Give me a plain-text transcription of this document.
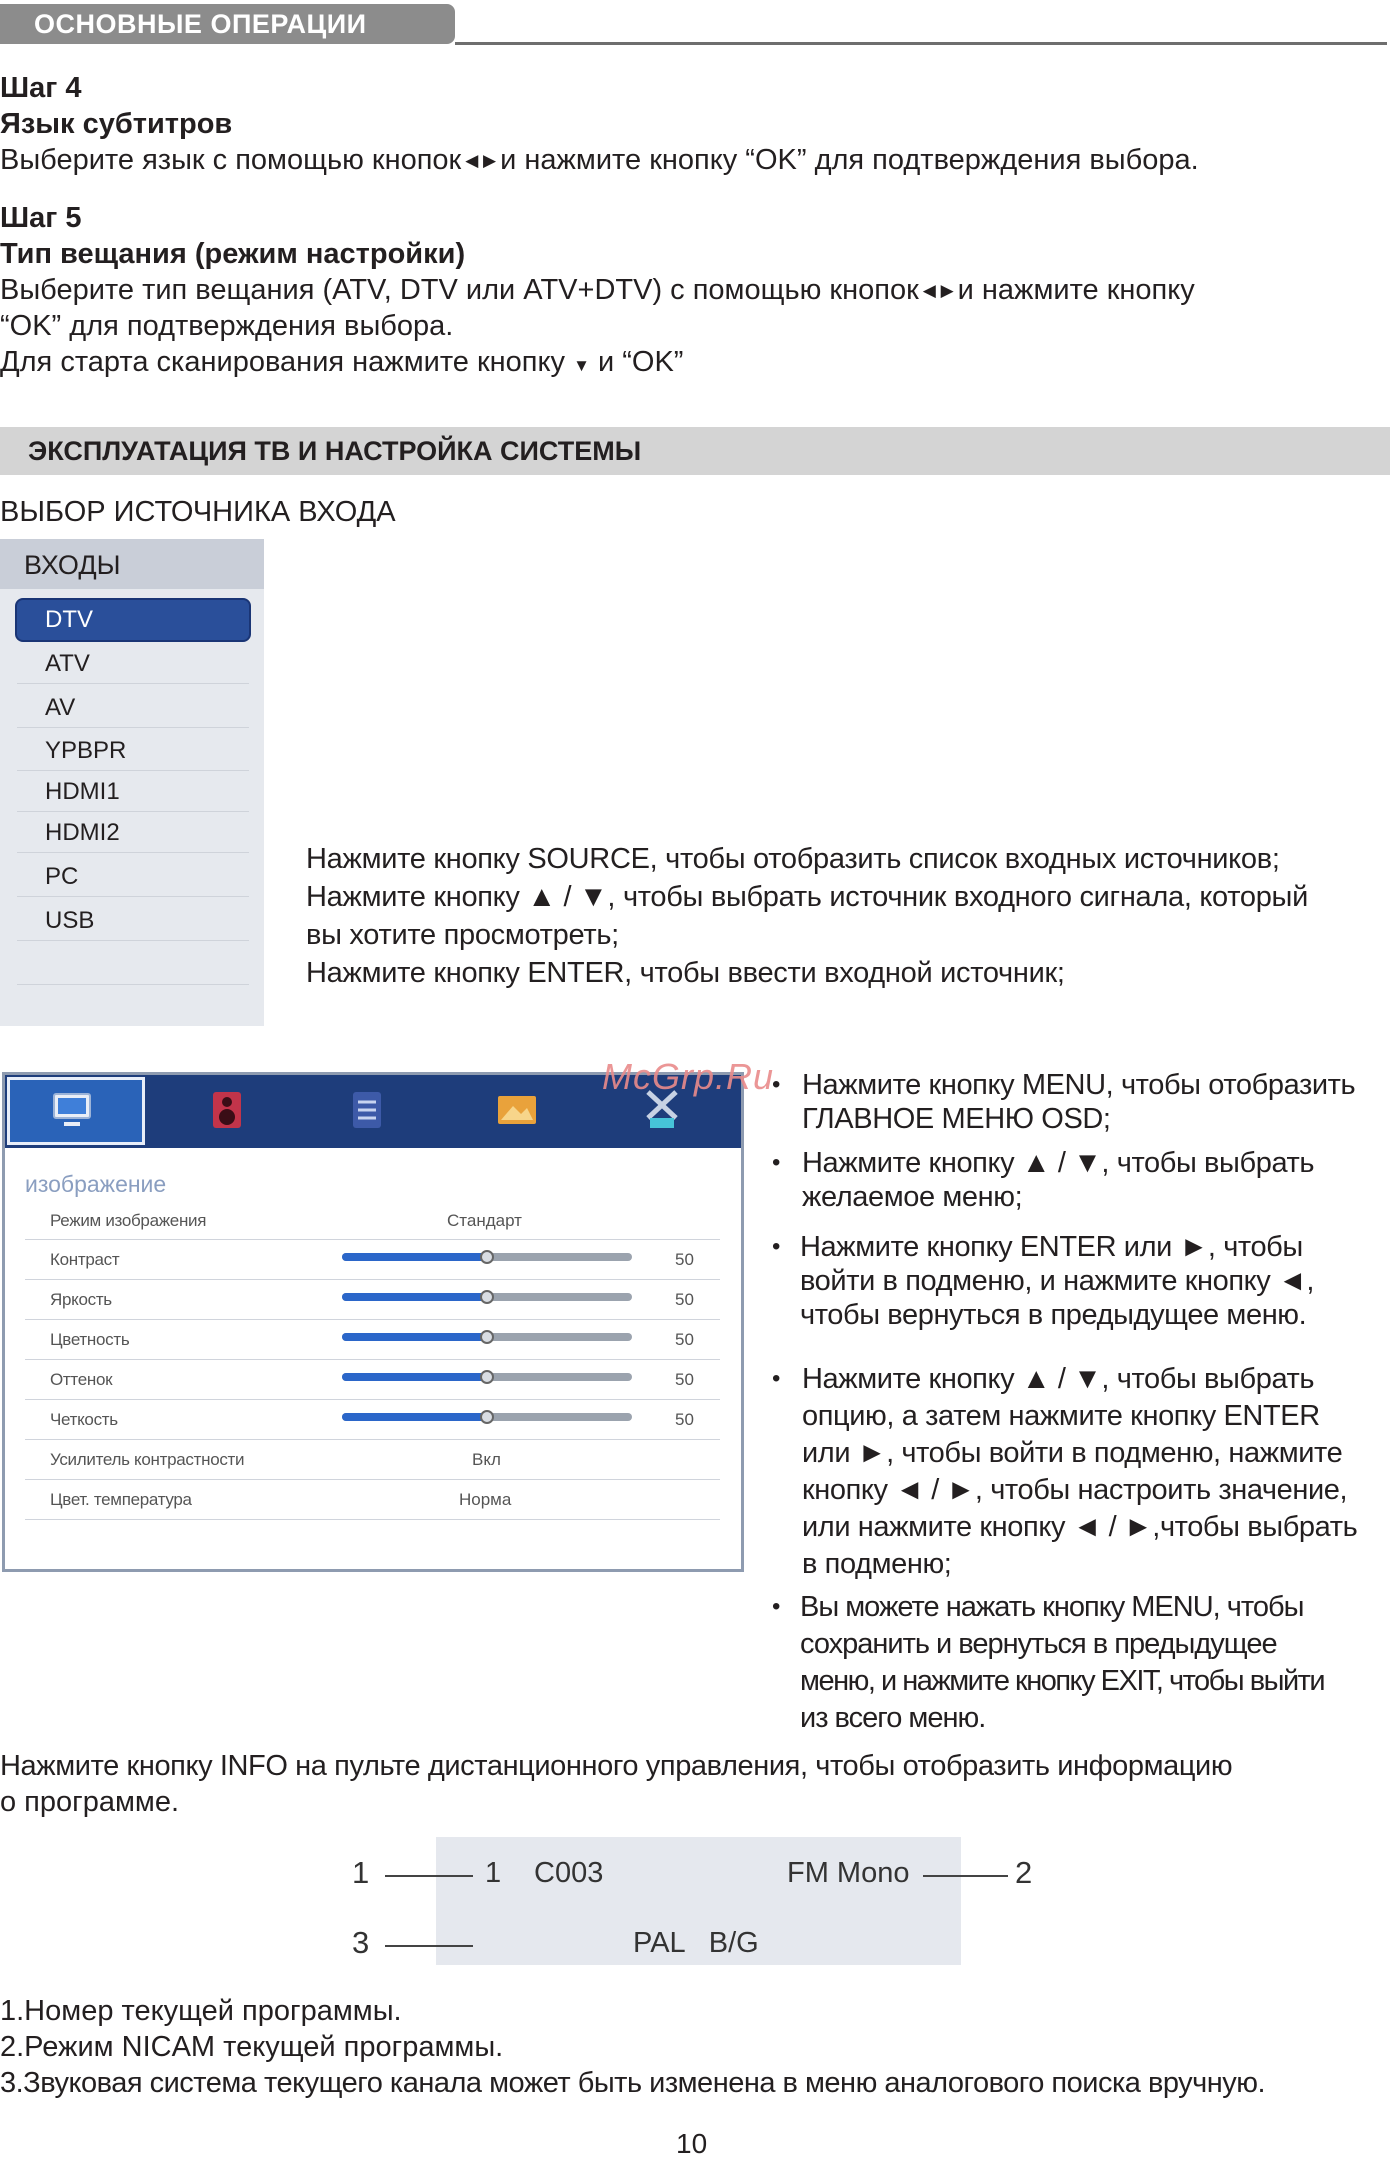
ОСНОВНЫЕ ОПЕРАЦИИ
Шаг 4
Язык субтитров
Выберите язык с помощью кнопок ◀ ▶ и нажмите кнопку “OK” для подтверждения выбора.
Шаг 5
Тип вещания (режим настройки)
Выберите тип вещания (ATV, DTV или ATV+DTV) с помощью кнопок ◀ ▶ и нажмите кнопку
“OK” для подтверждения выбора.
Для старта сканирования нажмите кнопку ▼ и “OK”
ЭКСПЛУАТАЦИЯ ТВ И НАСТРОЙКА СИСТЕМЫ
ВЫБОР ИСТОЧНИКА ВХОДА
ВХОДЫ
DTV
ATV
AV
YPBPR
HDMI1
HDMI2
PC
USB
Нажмите кнопку SOURCE, чтобы отобразить список входных источников;
Нажмите кнопку ▲ / ▼, чтобы выбрать источник входного сигнала, который
вы хотите просмотреть;
Нажмите кнопку ENTER, чтобы ввести входной источник;
изображение
Режим изображения	Стандарт
Контраст	50
Яркость	50
Цветность	50
Оттенок	50
Четкость	50
Усилитель контрастности	Вкл
Цвет. температура	Норма
McGrp.Ru
• Нажмите кнопку MENU, чтобы отобразить
ГЛАВНОЕ МЕНЮ OSD;
• Нажмите кнопку ▲ / ▼, чтобы выбрать
желаемое меню;
• Нажмите кнопку ENTER или ►, чтобы
войти в подменю, и нажмите кнопку ◄,
чтобы вернуться в предыдущее меню.
• Нажмите кнопку ▲ / ▼, чтобы выбрать
опцию, а затем нажмите кнопку ENTER
или ►, чтобы войти в подменю, нажмите
кнопку ◄ / ►, чтобы настроить значение,
или нажмите кнопку ◄ / ►,чтобы выбрать
в подменю;
• Вы можете нажать кнопку MENU, чтобы
сохранить и вернуться в предыдущее
меню, и нажмите кнопку EXIT, чтобы выйти
из всего меню.
Нажмите кнопку INFO на пульте дистанционного управления, чтобы отобразить информацию
о программе.
1	1 C003	FM Mono	2
3	PAL   B/G
1.Номер текущей программы.
2.Режим NICAM текущей программы.
3.Звуковая система текущего канала может быть изменена в меню аналогового поиска вручную.
10
